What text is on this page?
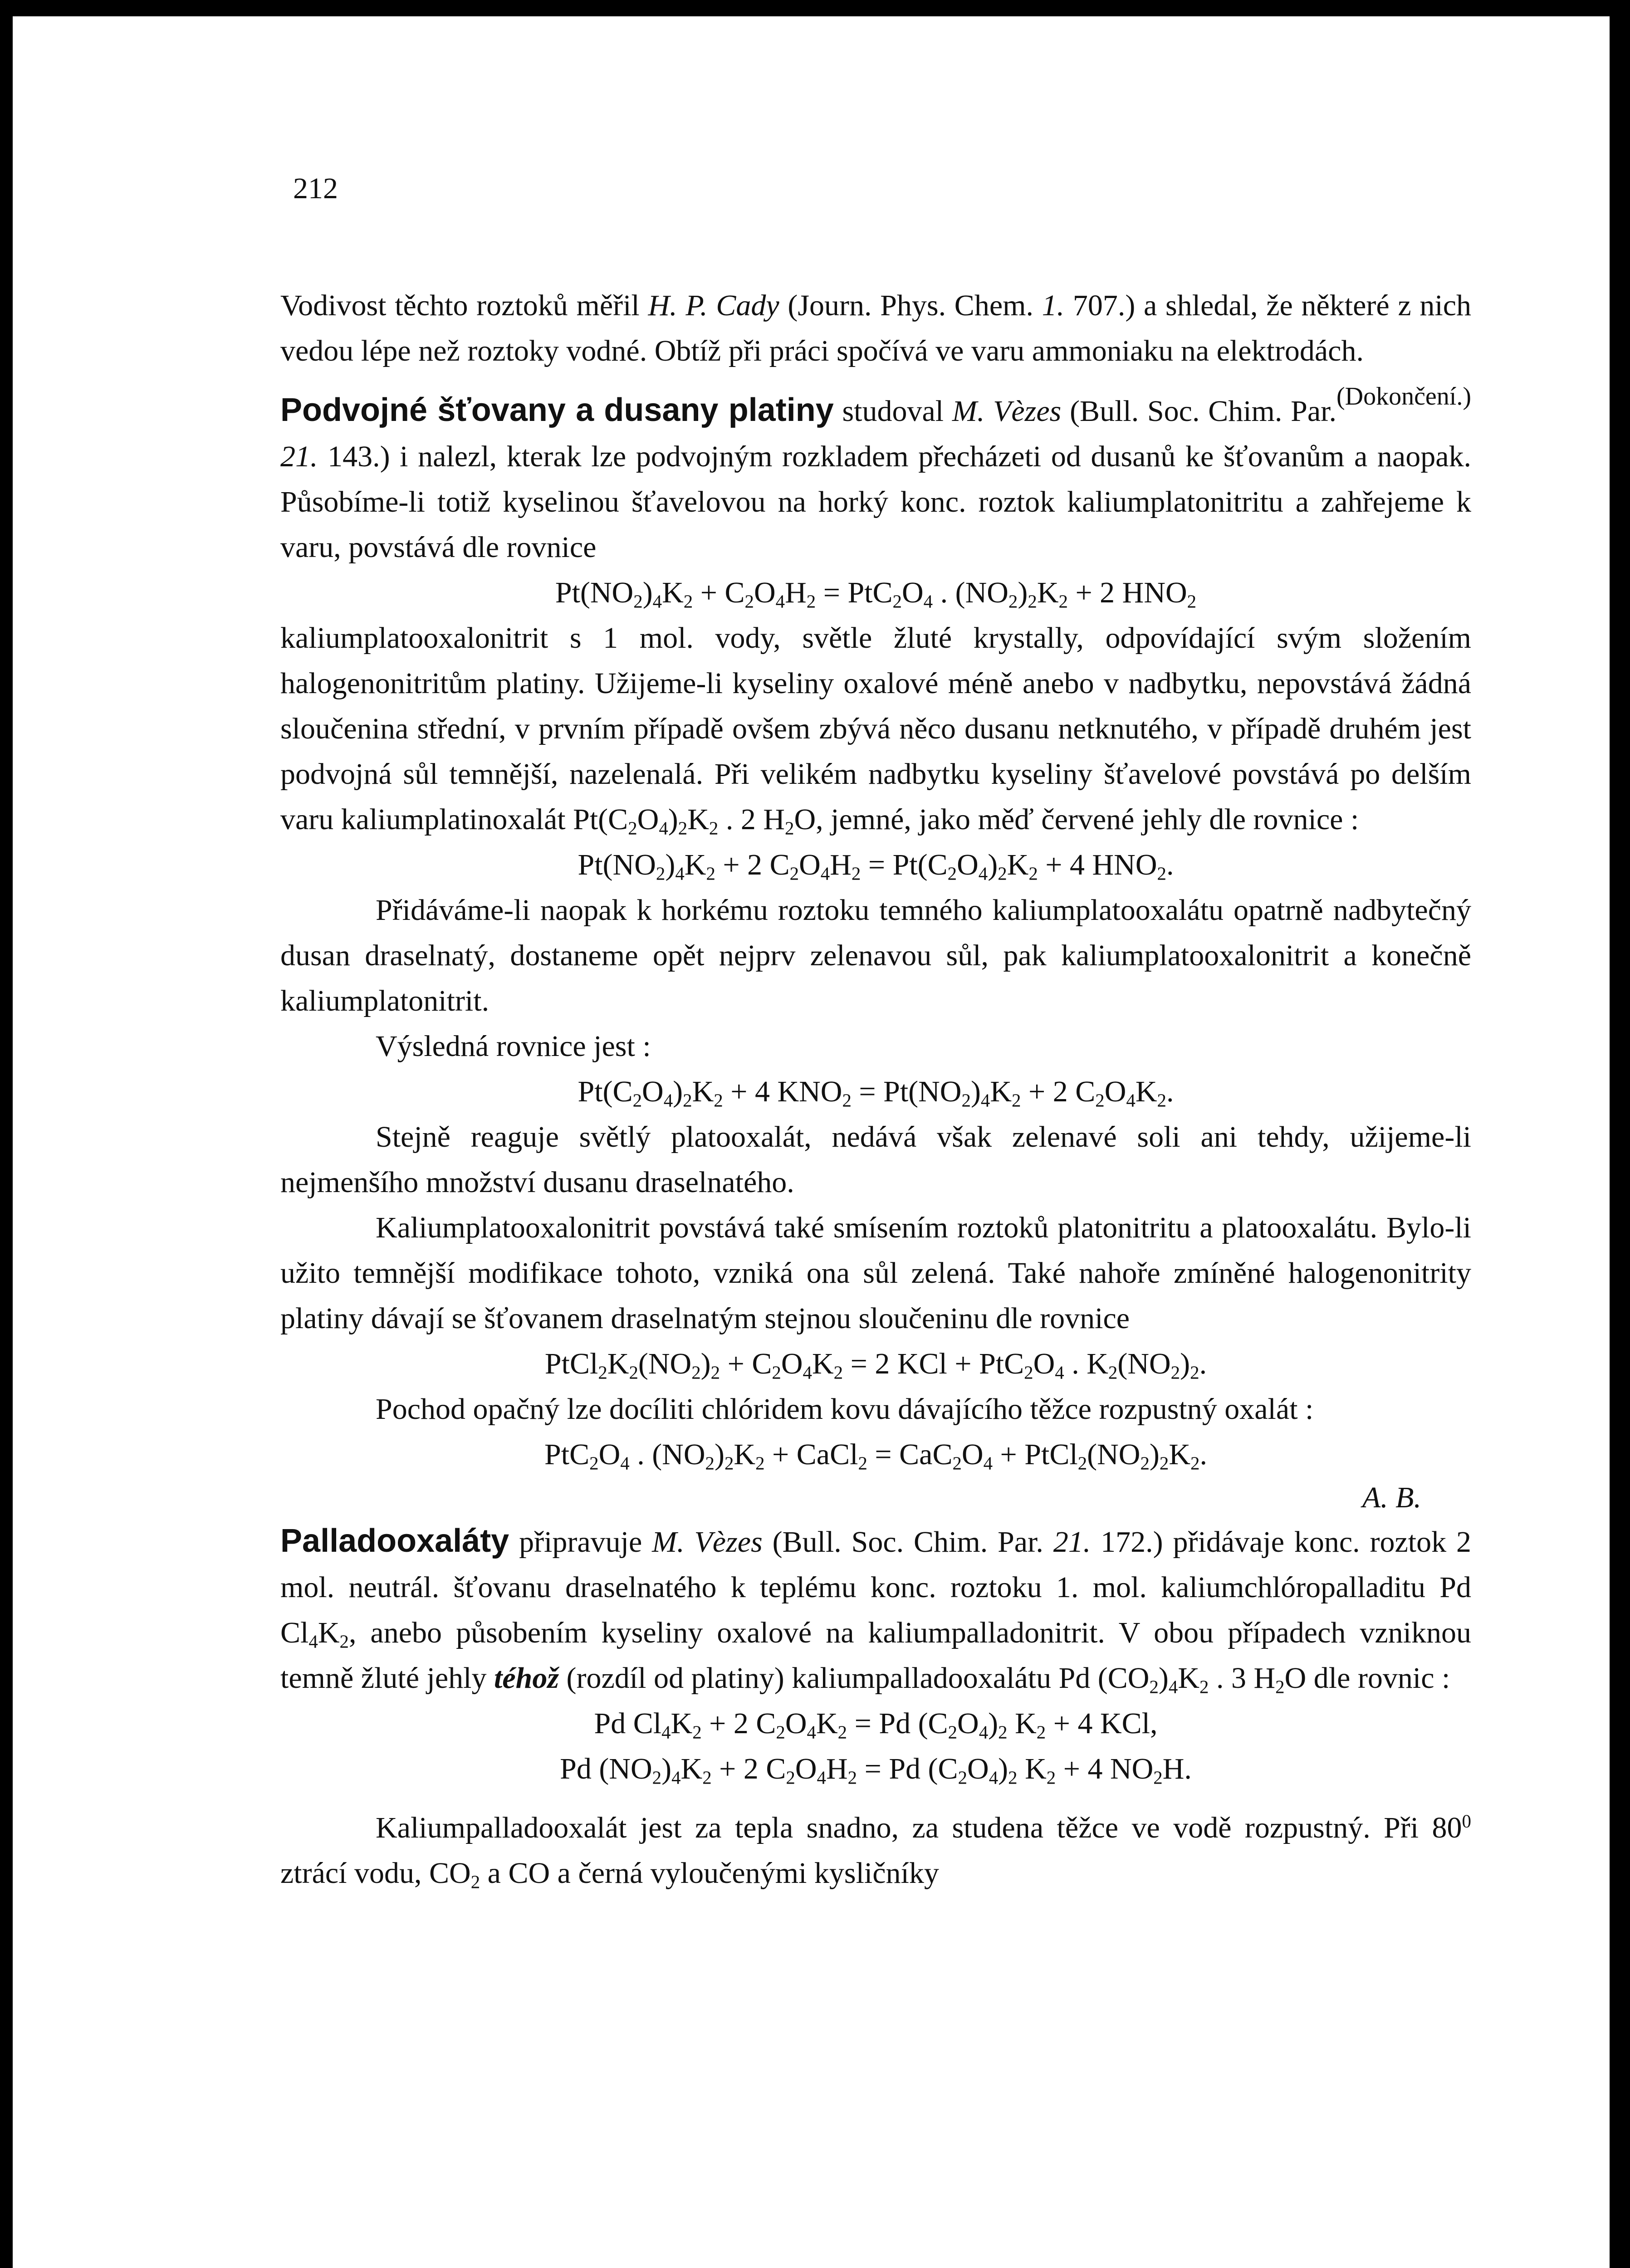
212

Vodivost těchto roztoků měřil H. P. Cady (Journ. Phys. Chem. 1. 707.) a shledal, že některé z nich vedou lépe než roztoky vodné. Obtíž při práci spočívá ve varu ammoniaku na elektrodách.
(Dokončení.)

Podvojné šťovany a dusany platiny studoval M. Vèzes (Bull. Soc. Chim. Par. 21. 143.) i nalezl, kterak lze podvojným rozkladem přecházeti od dusanů ke šťovanům a naopak. Působíme-li totiž kyselinou šťavelovou na horký konc. roztok kaliumplatonitritu a zahřejeme k varu, povstává dle rovnice

$Pt(NO_2)_4K_2 + C_2O_4H_2 = PtC_2O_4$ . $(NO_2)_2K_2 + 2$ $HNO_2$

kaliumplatooxalonitrit s 1 mol. vody, světle žluté krystally, odpovídající svým složením halogenonitritům platiny. Užijeme-li kyseliny oxalové méně anebo v nadbytku, nepovstává žádná sloučenina střední, v prvním případě ovšem zbývá něco dusanu netknutého, v případě druhém jest podvojná sůl temnější, nazelenalá. Při velikém nadbytku kyseliny šťavelové povstává po delším varu kaliumplatinoxalát $Pt(C_2O_4)_2K_2$ . 2 $H_2O$, jemné, jako měď červené jehly dle rovnice :

$Pt(NO_2)_4K_2 + 2$ $C_2O_4H_2 = Pt(C_2O_4)_2K_2 + 4$ $HNO_2$.

Přidáváme-li naopak k horkému roztoku temného kaliumplatooxalátu opatrně nadbytečný dusan draselnatý, dostaneme opět nejprv zelenavou sůl, pak kaliumplatooxalonitrit a konečně kaliumplatonitrit.

Výsledná rovnice jest :

$Pt(C_2O_4)_2K_2 + 4$ $KNO_2 = Pt(NO_2)_4K_2 + 2$ $C_2O_4K_2$.

Stejně reaguje světlý platooxalát, nedává však zelenavé soli ani tehdy, užijeme-li nejmenšího množství dusanu draselnatého.

Kaliumplatooxalonitrit povstává také smísením roztoků platonitritu a platooxalátu. Bylo-li užito temnější modifikace tohoto, vzniká ona sůl zelená. Také nahoře zmíněné halogenonitrity platiny dávají se šťovanem draselnatým stejnou sloučeninu dle rovnice

$PtCl_2K_2(NO_2)_2 + C_2O_4K_2 = 2$ KCl + $PtC_2O_4$ . $K_2(NO_2)_2$.

Pochod opačný lze docíliti chlóridem kovu dávajícího těžce rozpustný oxalát :

$PtC_2O_4$ . $(NO_2)_2K_2$ + CaCl$_2$ = $CaC_2O_4$ + $PtCl_2(NO_2)_2K_2$.

A. B.

Palladooxaláty připravuje M. Vèzes (Bull. Soc. Chim. Par. 21. 172.) přidávaje konc. roztok 2 mol. neutrál. šťovanu draselnatého k teplému konc. roztoku 1. mol. kaliumchlóropalladitu Pd $Cl_4K_2$, anebo působením kyseliny oxalové na kaliumpalladonitrit. V obou případech vzniknou temně žluté jehly téhož (rozdíl od platiny) kaliumpalladooxalátu Pd $(CO_2)_4K_2$ . 3 $H_2O$ dle rovnic :

Pd $Cl_4K_2 + 2$ $C_2O_4K_2 = Pd$ $(C_2O_4)_2$ $K_2 + 4$ KCl,

Pd $(NO_2)_4K_2 + 2$ $C_2O_4H_2 = Pd$ $(C_2O_4)_2$ $K_2 + 4$ $NO_2H$.

Kaliumpalladooxalát jest za tepla snadno, za studena těžce ve vodě rozpustný. Při $80^0$ ztrácí vodu, $CO_2$ a CO a černá vyloučenými kysličníky
